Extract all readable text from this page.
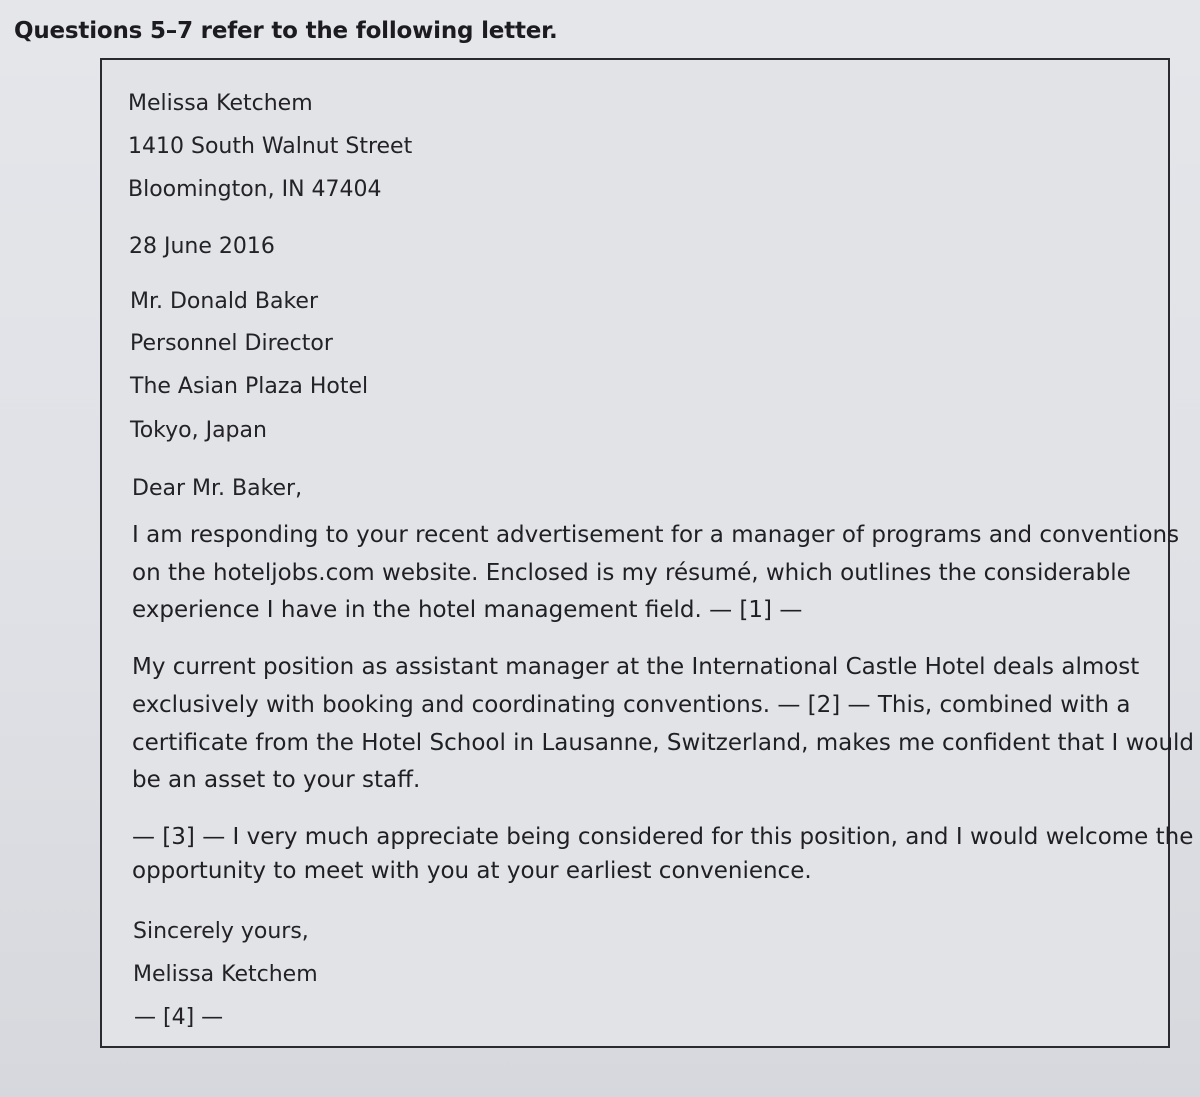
Questions 5–7 refer to the following letter.

Melissa Ketchem

1410 South Walnut Street

Bloomington, IN 47404

28 June 2016

Mr. Donald Baker

Personnel Director

The Asian Plaza Hotel

Tokyo, Japan

Dear Mr. Baker,

I am responding to your recent advertisement for a manager of programs and conventions

on the hoteljobs.com website. Enclosed is my résumé, which outlines the considerable

experience I have in the hotel management field. — [1] —

My current position as assistant manager at the International Castle Hotel deals almost

exclusively with booking and coordinating conventions. — [2] — This, combined with a

certificate from the Hotel School in Lausanne, Switzerland, makes me confident that I would

be an asset to your staff.

— [3] — I very much appreciate being considered for this position, and I would welcome the

opportunity to meet with you at your earliest convenience.

Sincerely yours,

Melissa Ketchem

— [4] —
